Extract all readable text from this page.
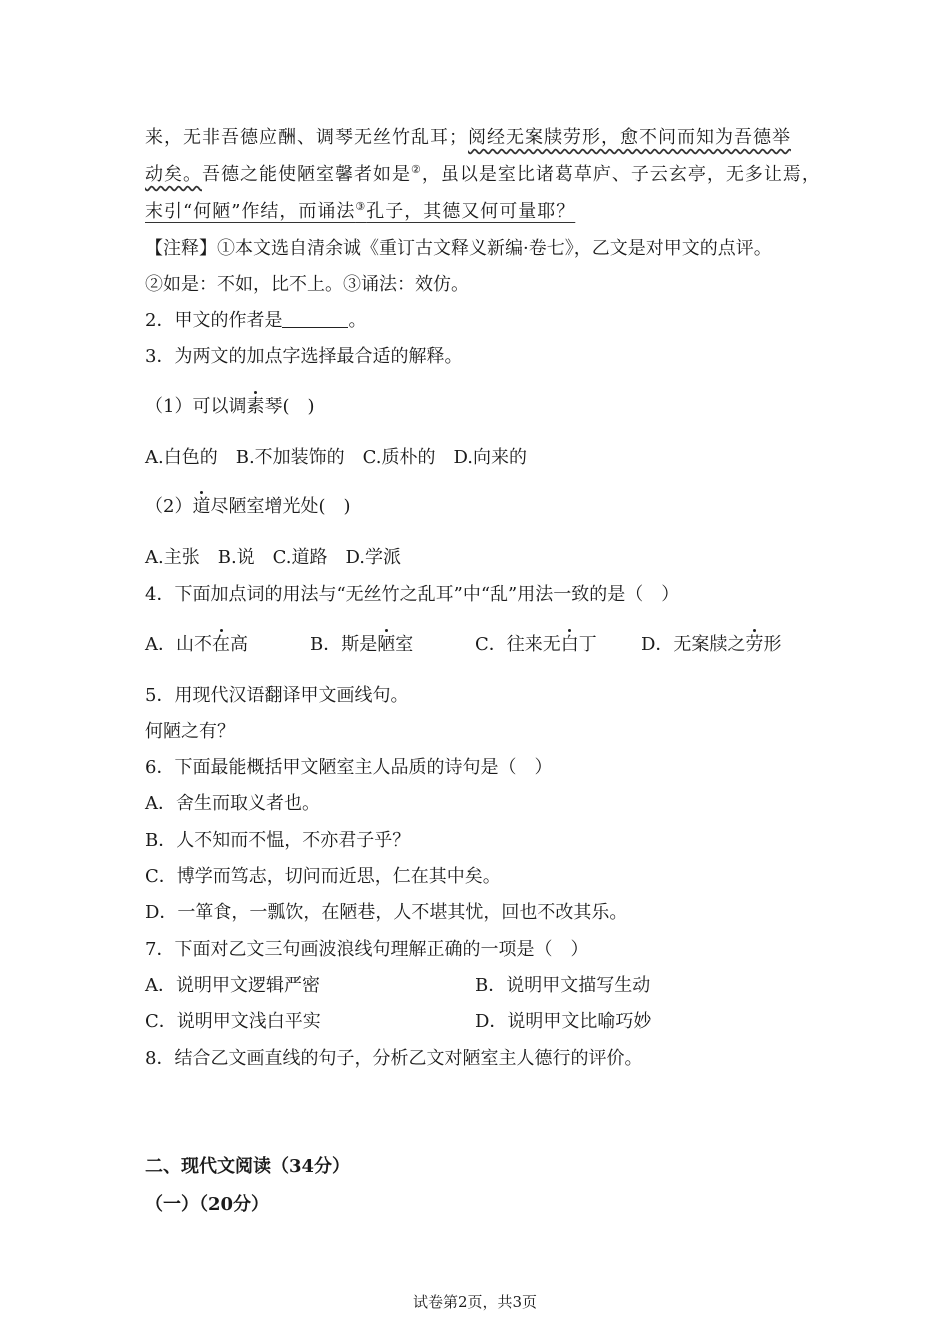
来，无非吾德应酬、调琴无丝竹乱耳；阅经无案牍劳形，愈不问而知为吾德举
动矣。吾德之能使陋室馨者如是②，虽以是室比诸葛草庐、子云玄亭，无多让焉，
末引“何陋”作结，而诵法③孔子，其德又何可量耶？
【注释】①本文选自清余诚《重订古文释义新编·卷七》，乙文是对甲文的点评。
②如是：不如，比不上。③诵法：效仿。
2．甲文的作者是	。
3．为两文的加点字选择最合适的解释。
（1）可以调素琴(　)
A.白色的　B.不加装饰的　C.质朴的　D.向来的
（2）道尽陋室增光处(　)
A.主张　B.说　C.道路　D.学派
4．下面加点词的用法与“无丝竹之乱耳”中“乱”用法一致的是（　）
A．山不在高	B．斯是陋室	C．往来无白丁 D．无案牍之劳形
5．用现代汉语翻译甲文画线句。
何陋之有？
6．下面最能概括甲文陋室主人品质的诗句是（　）
A．舍生而取义者也。
B．人不知而不愠，不亦君子乎？
C．博学而笃志，切问而近思，仁在其中矣。
D．一箪食，一瓢饮，在陋巷，人不堪其忧，回也不改其乐。
7．下面对乙文三句画波浪线句理解正确的一项是（　）
A．说明甲文逻辑严密	B．说明甲文描写生动
C．说明甲文浅白平实	D．说明甲文比喻巧妙
8．结合乙文画直线的句子，分析乙文对陋室主人德行的评价。
二、现代文阅读（34分）
（一）（20分）
试卷第2页，共3页
